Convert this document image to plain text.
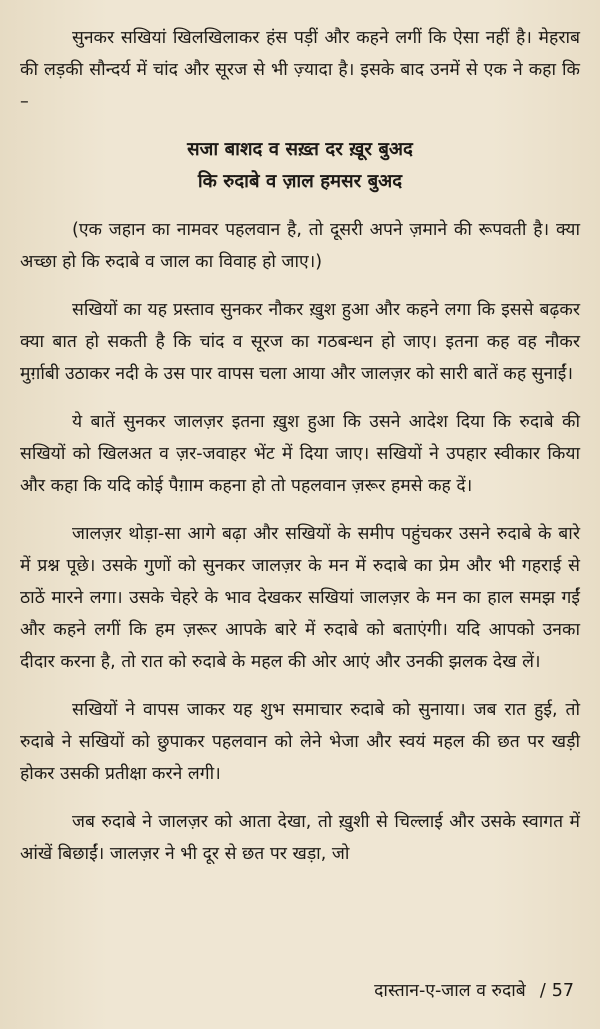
सुनकर सखियां खिलखिलाकर हंस पड़ीं और कहने लगीं कि ऐसा नहीं है। मेहराब की लड़की सौन्दर्य में चांद और सूरज से भी ज़्यादा है। इसके बाद उनमें से एक ने कहा कि –

सजा बाशद व सख़्त दर ख़ूर बुअद
कि रुदाबे व ज़ाल हमसर बुअद

(एक जहान का नामवर पहलवान है, तो दूसरी अपने ज़माने की रूपवती है। क्या अच्छा हो कि रुदाबे व जाल का विवाह हो जाए।)

सखियों का यह प्रस्ताव सुनकर नौकर ख़ुश हुआ और कहने लगा कि इससे बढ़कर क्या बात हो सकती है कि चांद व सूरज का गठबन्धन हो जाए। इतना कह वह नौकर मुर्ग़ाबी उठाकर नदी के उस पार वापस चला आया और जालज़र को सारी बातें कह सुनाईं।

ये बातें सुनकर जालज़र इतना ख़ुश हुआ कि उसने आदेश दिया कि रुदाबे की सखियों को खिलअत व ज़र-जवाहर भेंट में दिया जाए। सखियों ने उपहार स्वीकार किया और कहा कि यदि कोई पैग़ाम कहना हो तो पहलवान ज़रूर हमसे कह दें।

जालज़र थोड़ा-सा आगे बढ़ा और सखियों के समीप पहुंचकर उसने रुदाबे के बारे में प्रश्न पूछे। उसके गुणों को सुनकर जालज़र के मन में रुदाबे का प्रेम और भी गहराई से ठाठें मारने लगा। उसके चेहरे के भाव देखकर सखियां जालज़र के मन का हाल समझ गईं और कहने लगीं कि हम ज़रूर आपके बारे में रुदाबे को बताएंगी। यदि आपको उनका दीदार करना है, तो रात को रुदाबे के महल की ओर आएं और उनकी झलक देख लें।

सखियों ने वापस जाकर यह शुभ समाचार रुदाबे को सुनाया। जब रात हुई, तो रुदाबे ने सखियों को छुपाकर पहलवान को लेने भेजा और स्वयं महल की छत पर खड़ी होकर उसकी प्रतीक्षा करने लगी।

जब रुदाबे ने जालज़र को आता देखा, तो ख़ुशी से चिल्लाई और उसके स्वागत में आंखें बिछाईं। जालज़र ने भी दूर से छत पर खड़ा, जो

दास्तान-ए-जाल व रुदाबे / 57
